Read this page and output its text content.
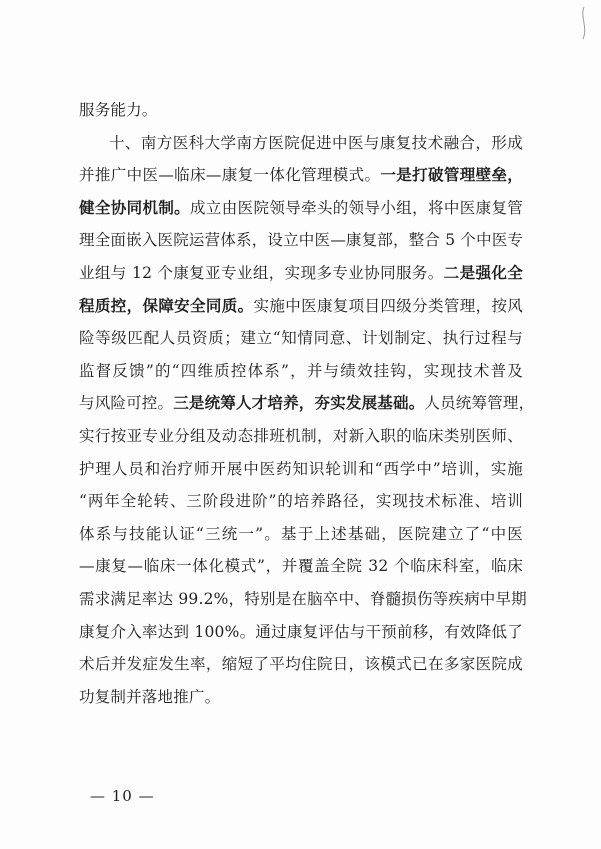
服务能力。
十、南方医科大学南方医院促进中医与康复技术融合，形成
并推广中医—临床—康复一体化管理模式。一是打破管理壁垒，
健全协同机制。成立由医院领导牵头的领导小组，将中医康复管
理全面嵌入医院运营体系，设立中医—康复部，整合 5 个中医专
业组与 12 个康复亚专业组，实现多专业协同服务。二是强化全
程质控，保障安全同质。实施中医康复项目四级分类管理，按风
险等级匹配人员资质；建立“知情同意、计划制定、执行过程与
监督反馈”的“四维质控体系”，并与绩效挂钩，实现技术普及
与风险可控。三是统筹人才培养，夯实发展基础。人员统筹管理，
实行按亚专业分组及动态排班机制，对新入职的临床类别医师、
护理人员和治疗师开展中医药知识轮训和“西学中”培训，实施
“两年全轮转、三阶段进阶”的培养路径，实现技术标准、培训
体系与技能认证“三统一”。基于上述基础，医院建立了“中医
—康复—临床一体化模式”，并覆盖全院 32 个临床科室，临床
需求满足率达 99.2%，特别是在脑卒中、脊髓损伤等疾病中早期
康复介入率达到 100%。通过康复评估与干预前移，有效降低了
术后并发症发生率，缩短了平均住院日，该模式已在多家医院成
功复制并落地推广。
— 10 —
